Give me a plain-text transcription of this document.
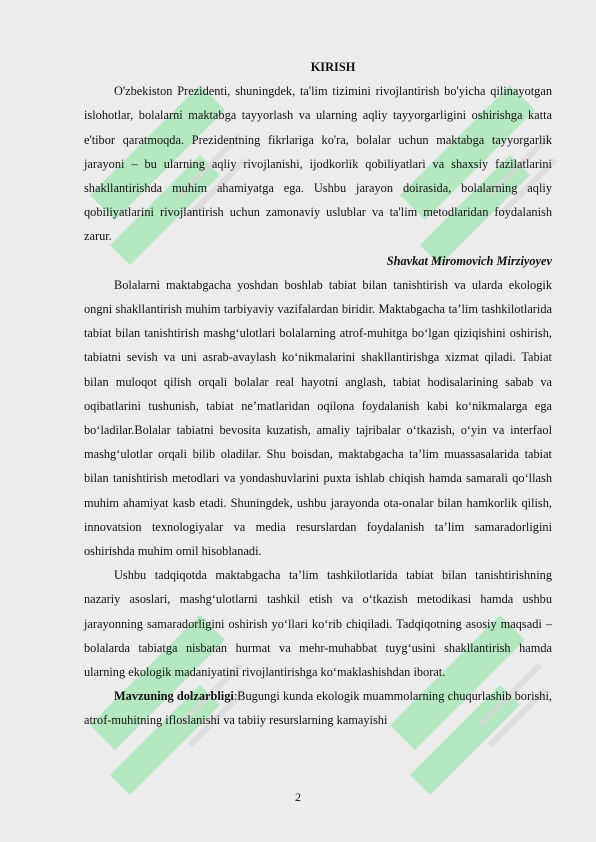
KIRISH

O'zbekiston Prezidenti, shuningdek, ta'lim tizimini rivojlantirish bo'yicha qilinayotgan islohotlar, bolalarni maktabga tayyorlash va ularning aqliy tayyorgarligini oshirishga katta e'tibor qaratmoqda. Prezidentning fikrlariga ko'ra, bolalar uchun maktabga tayyorgarlik jarayoni – bu ularning aqliy rivojlanishi, ijodkorlik qobiliyatlari va shaxsiy fazilatlarini shakllantirishda muhim ahamiyatga ega. Ushbu jarayon doirasida, bolalarning aqliy qobiliyatlarini rivojlantirish uchun zamonaviy uslublar va ta'lim metodlaridan foydalanish zarur.

Shavkat Miromovich Mirziyoyev

Bolalarni maktabgacha yoshdan boshlab tabiat bilan tanishtirish va ularda ekologik ongni shakllantirish muhim tarbiyaviy vazifalardan biridir. Maktabgacha ta’lim tashkilotlarida tabiat bilan tanishtirish mashg‘ulotlari bolalarning atrof-muhitga bo‘lgan qiziqishini oshirish, tabiatni sevish va uni asrab-avaylash ko‘nikmalarini shakllantirishga xizmat qiladi. Tabiat bilan muloqot qilish orqali bolalar real hayotni anglash, tabiat hodisalarining sabab va oqibatlarini tushunish, tabiat ne’matlaridan oqilona foydalanish kabi ko‘nikmalarga ega bo‘ladilar.Bolalar tabiatni bevosita kuzatish, amaliy tajribalar o‘tkazish, o‘yin va interfaol mashg‘ulotlar orqali bilib oladilar. Shu boisdan, maktabgacha ta’lim muassasalarida tabiat bilan tanishtirish metodlari va yondashuvlarini puxta ishlab chiqish hamda samarali qo‘llash muhim ahamiyat kasb etadi. Shuningdek, ushbu jarayonda ota-onalar bilan hamkorlik qilish, innovatsion texnologiyalar va media resurslardan foydalanish ta’lim samaradorligini oshirishda muhim omil hisoblanadi.

Ushbu tadqiqotda maktabgacha ta’lim tashkilotlarida tabiat bilan tanishtirishning nazariy asoslari, mashg‘ulotlarni tashkil etish va o‘tkazish metodikasi hamda ushbu jarayonning samaradorligini oshirish yo‘llari ko‘rib chiqiladi. Tadqiqotning asosiy maqsadi – bolalarda tabiatga nisbatan hurmat va mehr-muhabbat tuyg‘usini shakllantirish hamda ularning ekologik madaniyatini rivojlantirishga ko‘maklashishdan iborat.

Mavzuning dolzarbligi:Bugungi kunda ekologik muammolarning chuqurlashib borishi, atrof-muhitning ifloslanishi va tabiiy resurslarning kamayishi

2
